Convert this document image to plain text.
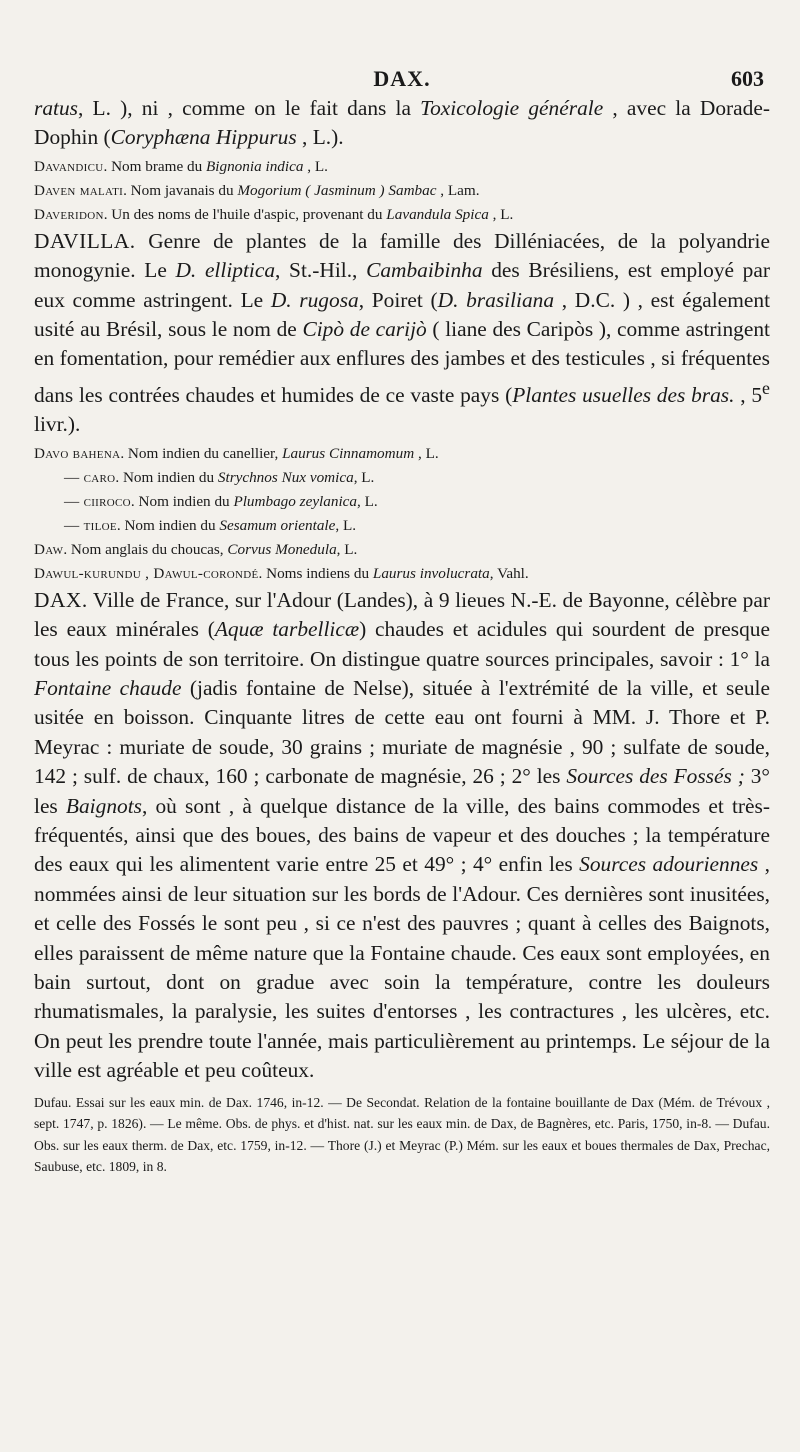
DAX.	603

ratus, L. ), ni , comme on le fait dans la Toxicologie générale , avec la Dorade-Dophin (Coryphæna Hippurus , L.).

Davandicu. Nom brame du Bignonia indica , L.

Daven malati. Nom javanais du Mogorium ( Jasminum ) Sambac , Lam.

Daveridon. Un des noms de l'huile d'aspic, provenant du Lavandula Spica , L.

DAVILLA. Genre de plantes de la famille des Dilléniacées, de la polyandrie monogynie. Le D. elliptica, St.-Hil., Cambaibinha des Brésiliens, est employé par eux comme astringent. Le D. rugosa, Poiret (D. brasiliana , D.C. ) , est également usité au Brésil, sous le nom de Cipò de carijò ( liane des Caripòs ), comme astringent en fomentation, pour remédier aux enflures des jambes et des testicules , si fréquentes dans les contrées chaudes et humides de ce vaste pays (Plantes usuelles des bras. , 5e livr.).

Davo bahena. Nom indien du canellier, Laurus Cinnamomum , L.

— caro. Nom indien du Strychnos Nux vomica, L.

— ciiroco. Nom indien du Plumbago zeylanica, L.

— tiloe. Nom indien du Sesamum orientale, L.

Daw. Nom anglais du choucas, Corvus Monedula, L.

Dawul-kurundu , Dawul-corondé. Noms indiens du Laurus involucrata, Vahl.

DAX. Ville de France, sur l'Adour (Landes), à 9 lieues N.-E. de Bayonne, célèbre par les eaux minérales (Aquæ tarbellicæ) chaudes et acidules qui sourdent de presque tous les points de son territoire. On distingue quatre sources principales, savoir : 1° la Fontaine chaude (jadis fontaine de Nelse), située à l'extrémité de la ville, et seule usitée en boisson. Cinquante litres de cette eau ont fourni à MM. J. Thore et P. Meyrac : muriate de soude, 30 grains ; muriate de magnésie , 90 ; sulfate de soude, 142 ; sulf. de chaux, 160 ; carbonate de magnésie, 26 ; 2° les Sources des Fossés ; 3° les Baignots, où sont , à quelque distance de la ville, des bains commodes et très-fréquentés, ainsi que des boues, des bains de vapeur et des douches ; la température des eaux qui les alimentent varie entre 25 et 49° ; 4° enfin les Sources adouriennes , nommées ainsi de leur situation sur les bords de l'Adour. Ces dernières sont inusitées, et celle des Fossés le sont peu , si ce n'est des pauvres ; quant à celles des Baignots, elles paraissent de même nature que la Fontaine chaude. Ces eaux sont employées, en bain surtout, dont on gradue avec soin la température, contre les douleurs rhumatismales, la paralysie, les suites d'entorses , les contractures , les ulcères, etc. On peut les prendre toute l'année, mais particulièrement au printemps. Le séjour de la ville est agréable et peu coûteux.

Dufau. Essai sur les eaux min. de Dax. 1746, in-12. — De Secondat. Relation de la fontaine bouillante de Dax (Mém. de Trévoux , sept. 1747, p. 1826). — Le même. Obs. de phys. et d'hist. nat. sur les eaux min. de Dax, de Bagnères, etc. Paris, 1750, in-8. — Dufau. Obs. sur les eaux therm. de Dax, etc. 1759, in-12. — Thore (J.) et Meyrac (P.) Mém. sur les eaux et boues thermales de Dax, Prechac, Saubuse, etc. 1809, in 8.
